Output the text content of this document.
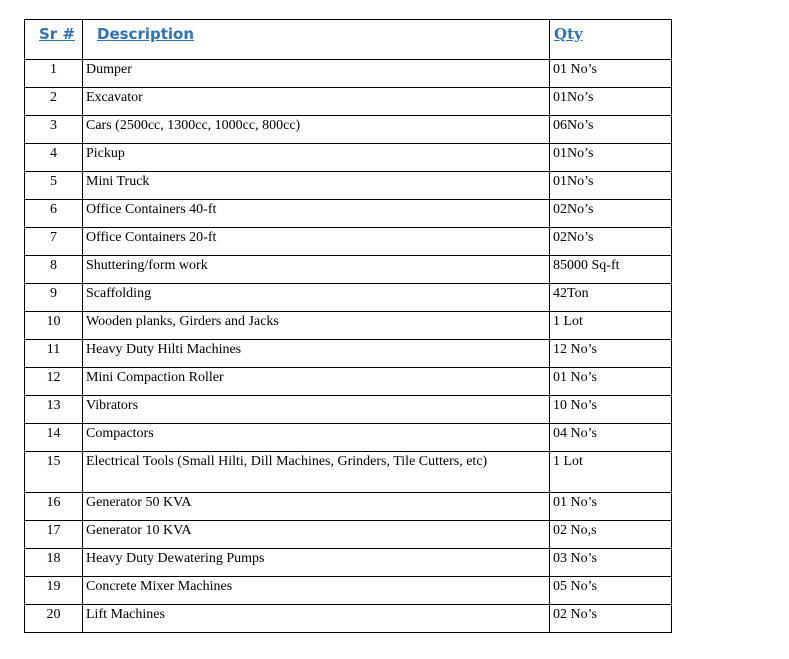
Sr #	Description	Qty
1	Dumper	01 No’s
2	Excavator	01No’s
3	Cars (2500cc, 1300cc, 1000cc, 800cc)	06No’s
4	Pickup	01No’s
5	Mini Truck	01No’s
6	Office Containers 40-ft	02No’s
7	Office Containers 20-ft	02No’s
8	Shuttering/form work	85000 Sq-ft
9	Scaffolding	42Ton
10	Wooden planks, Girders and Jacks	1 Lot
11	Heavy Duty Hilti Machines	12 No’s
12	Mini Compaction Roller	01 No’s
13	Vibrators	10 No’s
14	Compactors	04 No’s
15	Electrical Tools (Small Hilti, Dill Machines, Grinders, Tile Cutters, etc)	1 Lot
16	Generator 50 KVA	01 No’s
17	Generator 10 KVA	02 No,s
18	Heavy Duty Dewatering Pumps	03 No’s
19	Concrete Mixer Machines	05 No’s
20	Lift Machines	02 No’s
